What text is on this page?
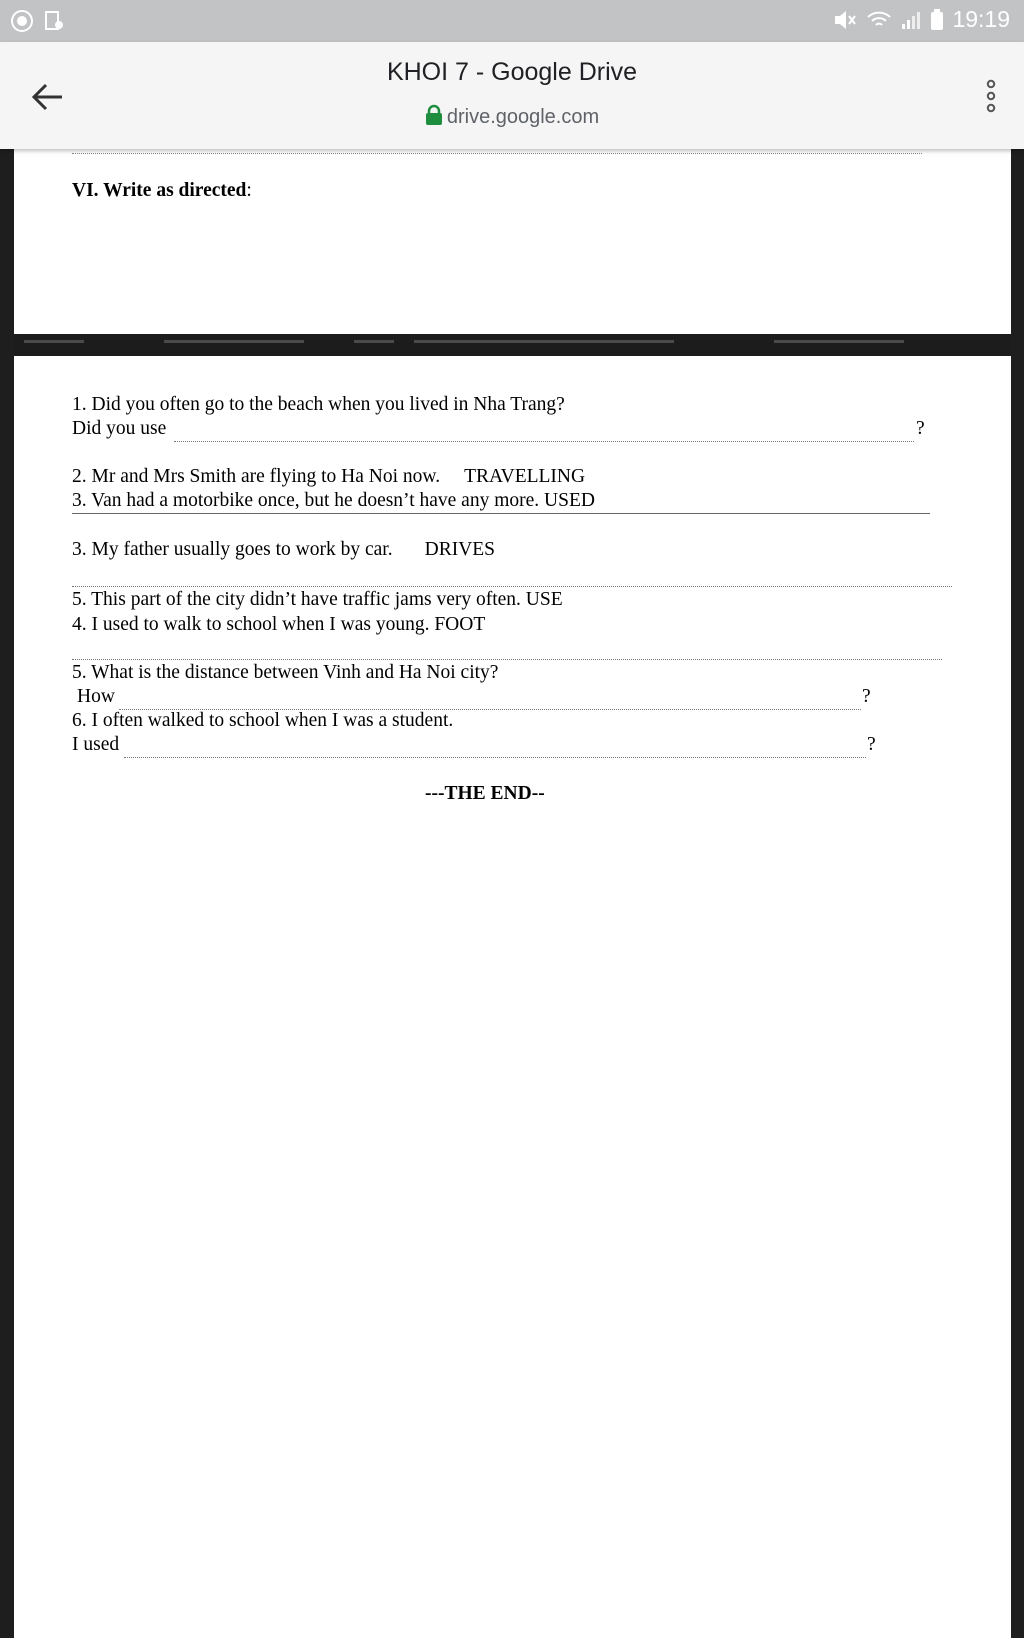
19:19
KHOI 7 - Google Drive
drive.google.com
VI. Write as directed:
1. Did you often go to the beach when you lived in Nha Trang?
Did you use	?
2. Mr and Mrs Smith are flying to Ha Noi now. TRAVELLING
3. Van had a motorbike once, but he doesn’t have any more. USED
3. My father usually goes to work by car. DRIVES
5. This part of the city didn’t have traffic jams very often. USE
4. I used to walk to school when I was young. FOOT
5. What is the distance between Vinh and Ha Noi city?
How	?
6. I often walked to school when I was a student.
I used	?
---THE END--
